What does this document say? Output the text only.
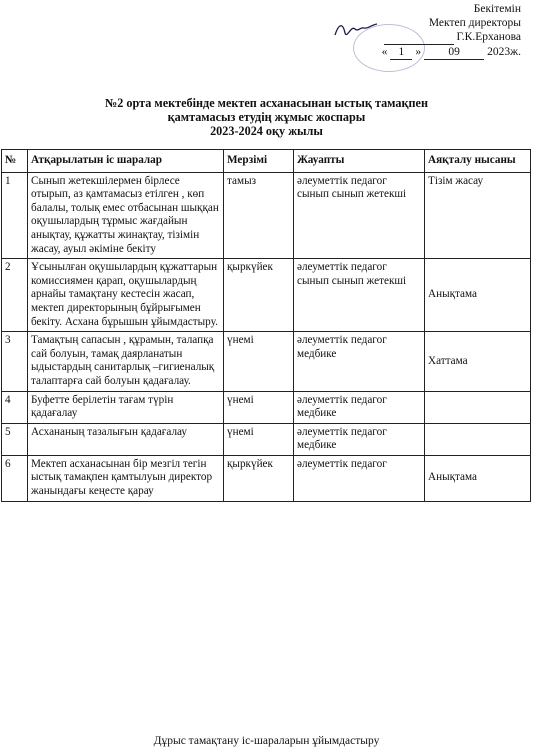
Бекітемін
Мектеп директоры
Г.К.Ерханова
« 1 »	09	2023ж.
№2 орта мектебінде мектеп асханасынан ыстық тамақпен
қамтамасыз етудің жұмыс жоспары
2023-2024 оқу жылы
№	Атқарылатын іс шаралар	Мерзімі	Жауапты	Аяқталу нысаны
1	Сынып жетекшілермен бірлесе отырып, аз қамтамасыз етілген , көп балалы, толық емес отбасынан шыққан оқушылардың тұрмыс жағдайын анықтау, құжатты жинақтау, тізімін жасау, ауыл әкіміне бекіту	тамыз	әлеуметтік педагог сынып сынып жетекші	Тізім жасау
2	Ұсынылған оқушылардың құжаттарын комиссиямен қарап, оқушылардың арнайы тамақтану кестесін жасап, мектеп директорының бұйрығымен бекіту. Асхана бұрышын ұйымдастыру.	қыркүйек	әлеуметтік педагог сынып сынып жетекші	Анықтама
3	Тамақтың сапасын , құрамын, талапқа сай болуын, тамақ даярланатын ыдыстардың санитарлық –гигиеналық талаптарға сай болуын қадағалау.	үнемі	әлеуметтік педагог медбике	Хаттама
4	Буфетте берілетін тағам түрін қадағалау	үнемі	әлеуметтік педагог медбике	
5	Асхананың тазалығын қадағалау	үнемі	әлеуметтік педагог медбике	
6	Мектеп асханасынан бір мезгіл тегін ыстық тамақпен қамтылуын директор жанындағы кеңесте қарау	қыркүйек	әлеуметтік педагог	Анықтама
Дұрыс тамақтану іс-шараларын ұйымдастыру
